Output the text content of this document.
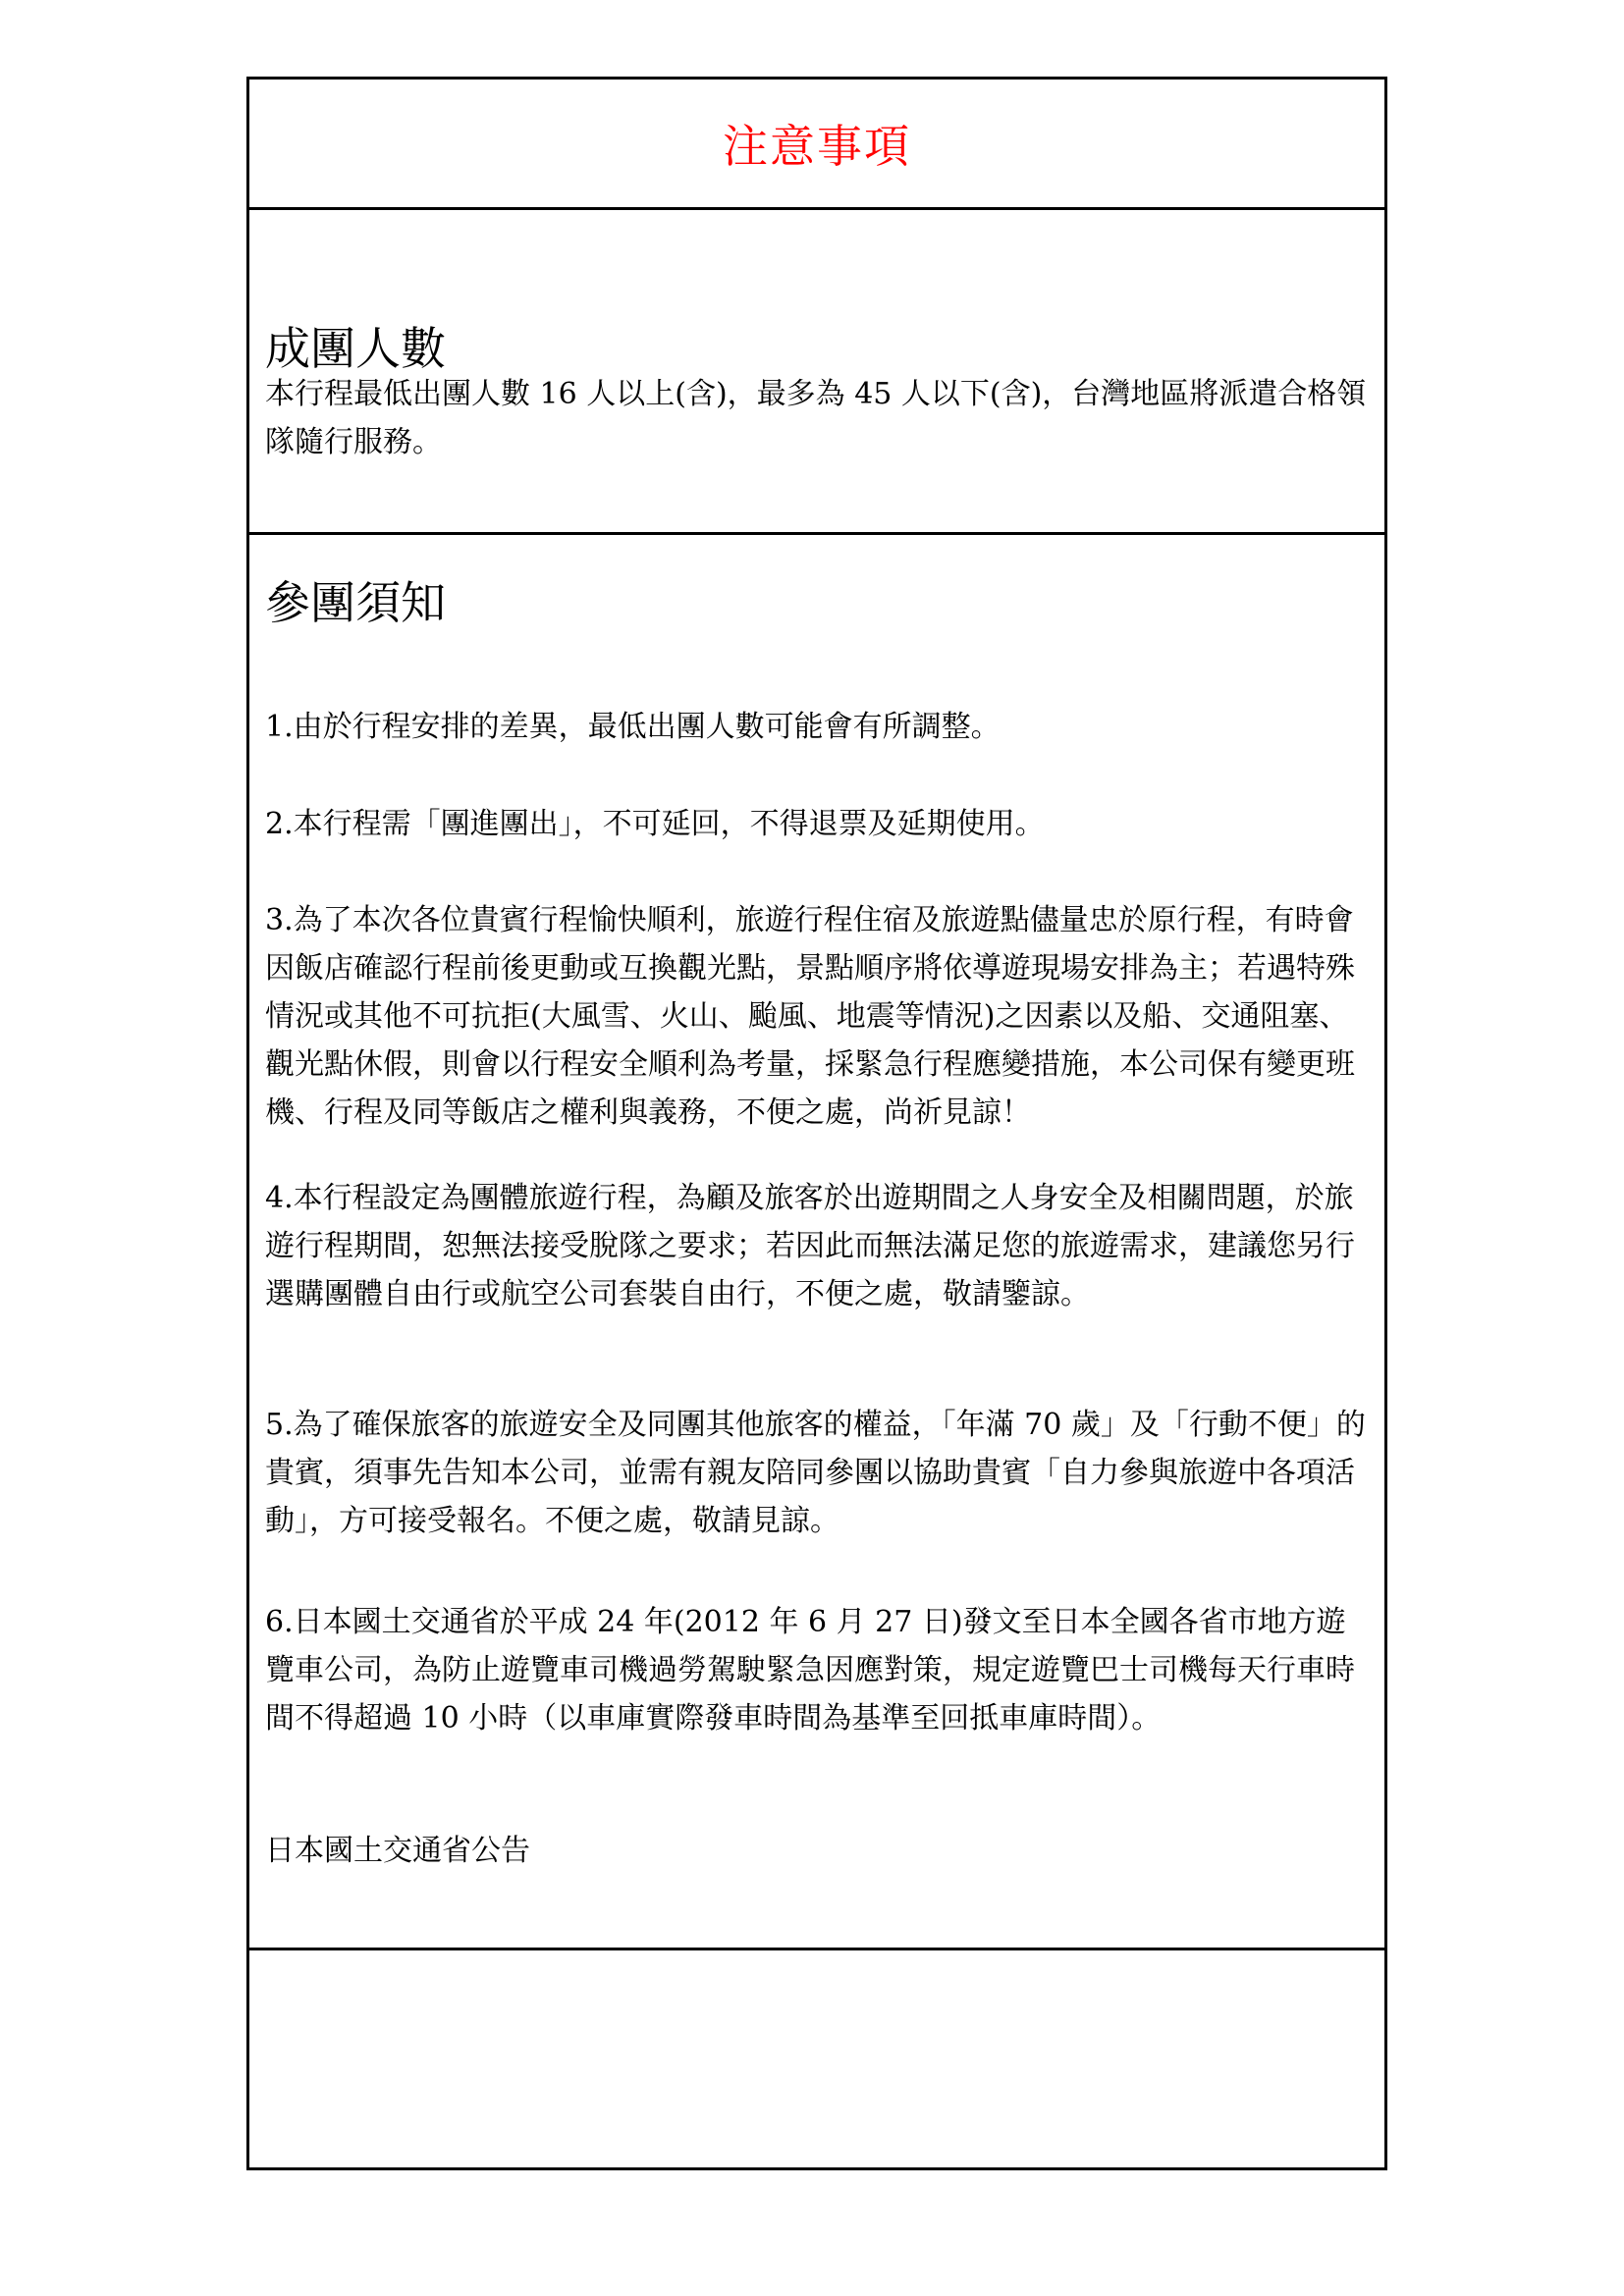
注意事項
成團人數

本行程最低出團人數 16 人以上(含)，最多為 45 人以下(含)，台灣地區將派遣合格領隊隨行服務。

參團須知

1.由於行程安排的差異，最低出團人數可能會有所調整。

2.本行程需「團進團出」，不可延回，不得退票及延期使用。

3.為了本次各位貴賓行程愉快順利，旅遊行程住宿及旅遊點儘量忠於原行程，有時會因飯店確認行程前後更動或互換觀光點，景點順序將依導遊現場安排為主；若遇特殊情況或其他不可抗拒(大風雪、火山、颱風、地震等情況)之因素以及船、交通阻塞、觀光點休假，則會以行程安全順利為考量，採緊急行程應變措施，本公司保有變更班機、行程及同等飯店之權利與義務，不便之處，尚祈見諒！

4.本行程設定為團體旅遊行程，為顧及旅客於出遊期間之人身安全及相關問題，於旅遊行程期間，恕無法接受脫隊之要求；若因此而無法滿足您的旅遊需求，建議您另行選購團體自由行或航空公司套裝自由行，不便之處，敬請鑒諒。

5.為了確保旅客的旅遊安全及同團其他旅客的權益，「年滿 70 歲」及「行動不便」的貴賓，須事先告知本公司，並需有親友陪同參團以協助貴賓「自力參與旅遊中各項活動」，方可接受報名。不便之處，敬請見諒。

6.日本國土交通省於平成 24 年(2012 年 6 月 27 日)發文至日本全國各省市地方遊覽車公司，為防止遊覽車司機過勞駕駛緊急因應對策，規定遊覽巴士司機每天行車時間不得超過 10 小時（以車庫實際發車時間為基準至回抵車庫時間）。

日本國土交通省公告
